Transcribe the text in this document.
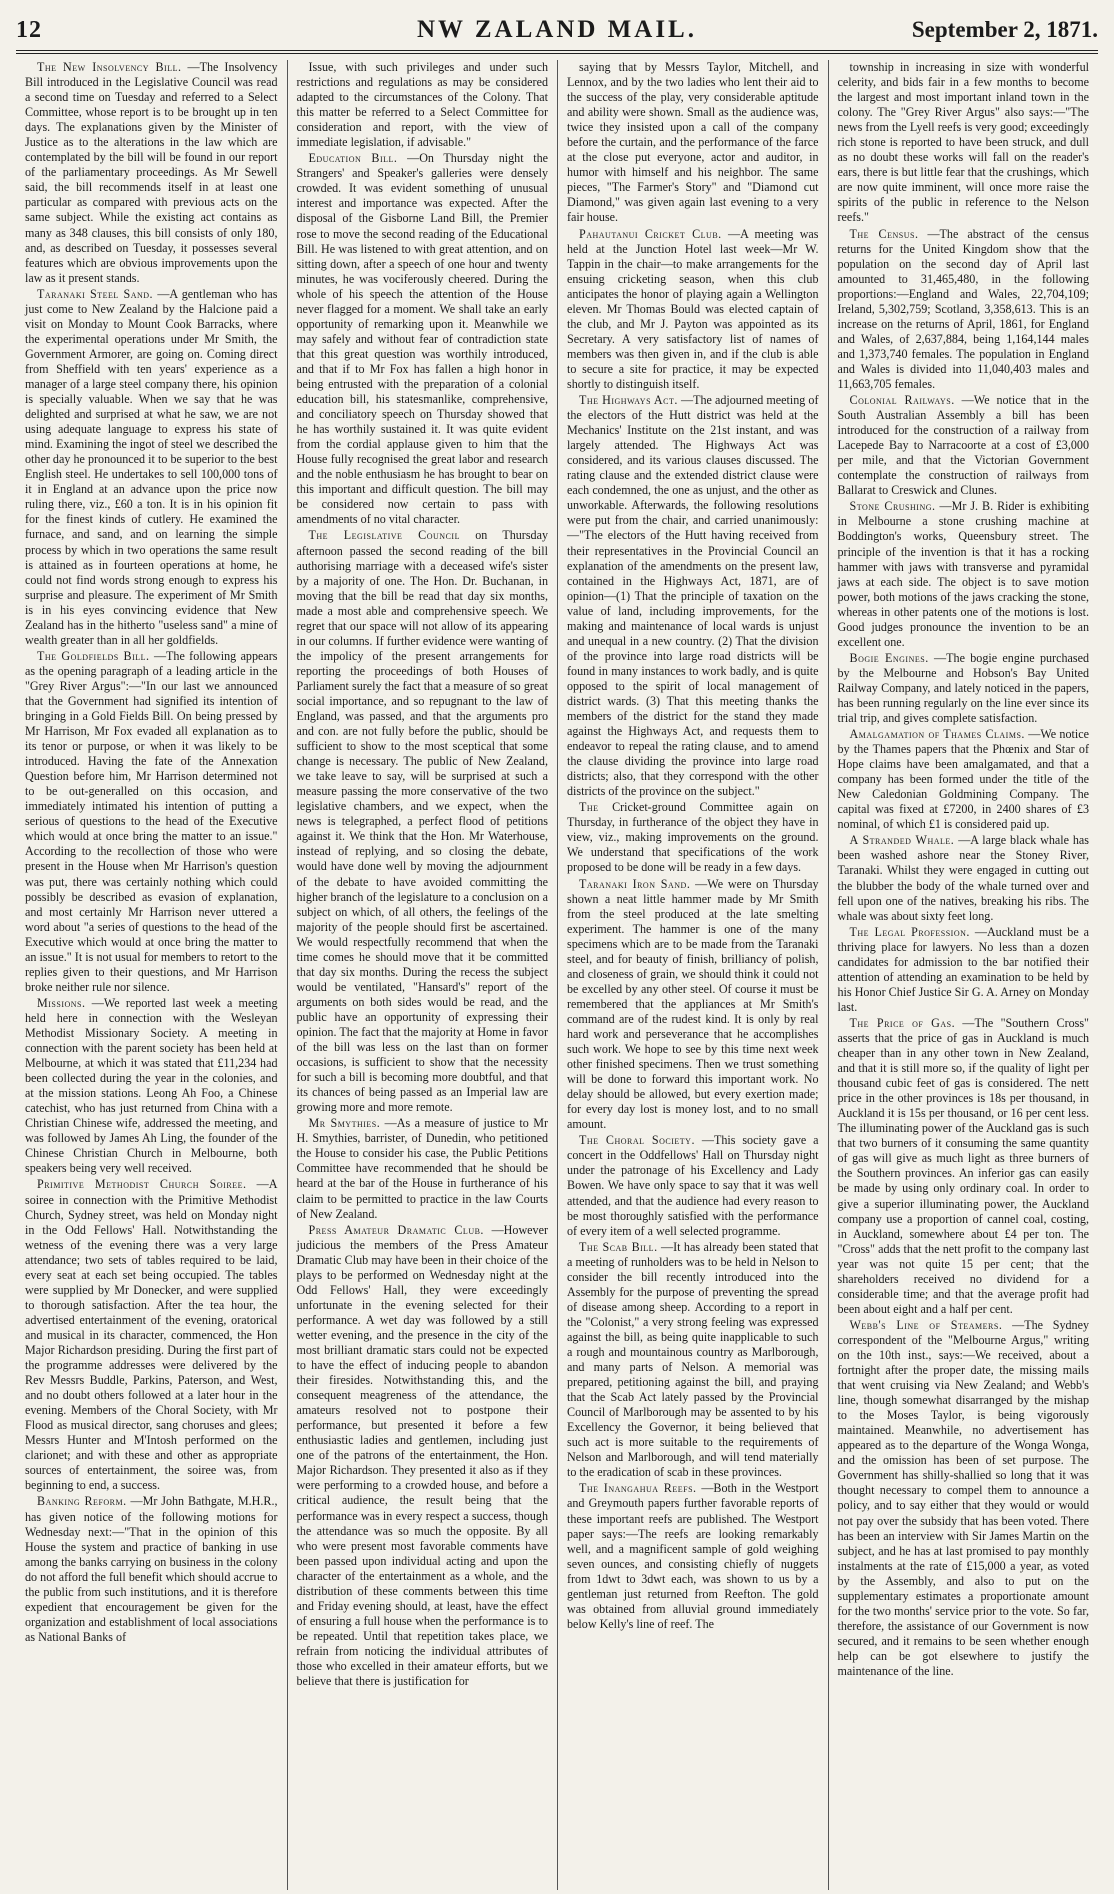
12	NW ZALAND MAIL.	September 2, 1871.

The New Insolvency Bill. —The Insolvency Bill introduced in the Legislative Council was read a second time on Tuesday and referred to a Select Committee, whose report is to be brought up in ten days. The explanations given by the Minister of Justice as to the alterations in the law which are contemplated by the bill will be found in our report of the parliamentary proceedings. As Mr Sewell said, the bill recommends itself in at least one particular as compared with previous acts on the same subject. While the existing act contains as many as 348 clauses, this bill consists of only 180, and, as described on Tuesday, it possesses several features which are obvious improvements upon the law as it present stands.

Taranaki Steel Sand. —A gentleman who has just come to New Zealand by the Halcione paid a visit on Monday to Mount Cook Barracks, where the experimental operations under Mr Smith, the Government Armorer, are going on. Coming direct from Sheffield with ten years' experience as a manager of a large steel company there, his opinion is specially valuable. When we say that he was delighted and surprised at what he saw, we are not using adequate language to express his state of mind. Examining the ingot of steel we described the other day he pronounced it to be superior to the best English steel. He undertakes to sell 100,000 tons of it in England at an advance upon the price now ruling there, viz., £60 a ton. It is in his opinion fit for the finest kinds of cutlery. He examined the furnace, and sand, and on learning the simple process by which in two operations the same result is attained as in fourteen operations at home, he could not find words strong enough to express his surprise and pleasure. The experiment of Mr Smith is in his eyes convincing evidence that New Zealand has in the hitherto "useless sand" a mine of wealth greater than in all her goldfields.

The Goldfields Bill. —The following appears as the opening paragraph of a leading article in the "Grey River Argus":—"In our last we announced that the Government had signified its intention of bringing in a Gold Fields Bill. On being pressed by Mr Harrison, Mr Fox evaded all explanation as to its tenor or purpose, or when it was likely to be introduced. Having the fate of the Annexation Question before him, Mr Harrison determined not to be out-generalled on this occasion, and immediately intimated his intention of putting a serious of questions to the head of the Executive which would at once bring the matter to an issue." According to the recollection of those who were present in the House when Mr Harrison's question was put, there was certainly nothing which could possibly be described as evasion of explanation, and most certainly Mr Harrison never uttered a word about "a series of questions to the head of the Executive which would at once bring the matter to an issue." It is not usual for members to retort to the replies given to their questions, and Mr Harrison broke neither rule nor silence.

Missions. —We reported last week a meeting held here in connection with the Wesleyan Methodist Missionary Society. A meeting in connection with the parent society has been held at Melbourne, at which it was stated that £11,234 had been collected during the year in the colonies, and at the mission stations. Leong Ah Foo, a Chinese catechist, who has just returned from China with a Christian Chinese wife, addressed the meeting, and was followed by James Ah Ling, the founder of the Chinese Christian Church in Melbourne, both speakers being very well received.

Primitive Methodist Church Soiree. —A soiree in connection with the Primitive Methodist Church, Sydney street, was held on Monday night in the Odd Fellows' Hall. Notwithstanding the wetness of the evening there was a very large attendance; two sets of tables required to be laid, every seat at each set being occupied. The tables were supplied by Mr Donecker, and were supplied to thorough satisfaction. After the tea hour, the advertised entertainment of the evening, oratorical and musical in its character, commenced, the Hon Major Richardson presiding. During the first part of the programme addresses were delivered by the Rev Messrs Buddle, Parkins, Paterson, and West, and no doubt others followed at a later hour in the evening. Members of the Choral Society, with Mr Flood as musical director, sang choruses and glees; Messrs Hunter and M'Intosh performed on the clarionet; and with these and other as appropriate sources of entertainment, the soiree was, from beginning to end, a success.

Banking Reform. —Mr John Bathgate, M.H.R., has given notice of the following motions for Wednesday next:—"That in the opinion of this House the system and practice of banking in use among the banks carrying on business in the colony do not afford the full benefit which should accrue to the public from such institutions, and it is therefore expedient that encouragement be given for the organization and establishment of local associations as National Banks of

Issue, with such privileges and under such restrictions and regulations as may be considered adapted to the circumstances of the Colony. That this matter be referred to a Select Committee for consideration and report, with the view of immediate legislation, if advisable."

Education Bill. —On Thursday night the Strangers' and Speaker's galleries were densely crowded. It was evident something of unusual interest and importance was expected. After the disposal of the Gisborne Land Bill, the Premier rose to move the second reading of the Educational Bill. He was listened to with great attention, and on sitting down, after a speech of one hour and twenty minutes, he was vociferously cheered. During the whole of his speech the attention of the House never flagged for a moment. We shall take an early opportunity of remarking upon it. Meanwhile we may safely and without fear of contradiction state that this great question was worthily introduced, and that if to Mr Fox has fallen a high honor in being entrusted with the preparation of a colonial education bill, his statesmanlike, comprehensive, and conciliatory speech on Thursday showed that he has worthily sustained it. It was quite evident from the cordial applause given to him that the House fully recognised the great labor and research and the noble enthusiasm he has brought to bear on this important and difficult question. The bill may be considered now certain to pass with amendments of no vital character.

The Legislative Council on Thursday afternoon passed the second reading of the bill authorising marriage with a deceased wife's sister by a majority of one. The Hon. Dr. Buchanan, in moving that the bill be read that day six months, made a most able and comprehensive speech. We regret that our space will not allow of its appearing in our columns. If further evidence were wanting of the impolicy of the present arrangements for reporting the proceedings of both Houses of Parliament surely the fact that a measure of so great social importance, and so repugnant to the law of England, was passed, and that the arguments pro and con. are not fully before the public, should be sufficient to show to the most sceptical that some change is necessary. The public of New Zealand, we take leave to say, will be surprised at such a measure passing the more conservative of the two legislative chambers, and we expect, when the news is telegraphed, a perfect flood of petitions against it. We think that the Hon. Mr Waterhouse, instead of replying, and so closing the debate, would have done well by moving the adjournment of the debate to have avoided committing the higher branch of the legislature to a conclusion on a subject on which, of all others, the feelings of the majority of the people should first be ascertained. We would respectfully recommend that when the time comes he should move that it be committed that day six months. During the recess the subject would be ventilated, "Hansard's" report of the arguments on both sides would be read, and the public have an opportunity of expressing their opinion. The fact that the majority at Home in favor of the bill was less on the last than on former occasions, is sufficient to show that the necessity for such a bill is becoming more doubtful, and that its chances of being passed as an Imperial law are growing more and more remote.

Mr Smythies. —As a measure of justice to Mr H. Smythies, barrister, of Dunedin, who petitioned the House to consider his case, the Public Petitions Committee have recommended that he should be heard at the bar of the House in furtherance of his claim to be permitted to practice in the law Courts of New Zealand.

Press Amateur Dramatic Club. —However judicious the members of the Press Amateur Dramatic Club may have been in their choice of the plays to be performed on Wednesday night at the Odd Fellows' Hall, they were exceedingly unfortunate in the evening selected for their performance. A wet day was followed by a still wetter evening, and the presence in the city of the most brilliant dramatic stars could not be expected to have the effect of inducing people to abandon their firesides. Notwithstanding this, and the consequent meagreness of the attendance, the amateurs resolved not to postpone their performance, but presented it before a few enthusiastic ladies and gentlemen, including just one of the patrons of the entertainment, the Hon. Major Richardson. They presented it also as if they were performing to a crowded house, and before a critical audience, the result being that the performance was in every respect a success, though the attendance was so much the opposite. By all who were present most favorable comments have been passed upon individual acting and upon the character of the entertainment as a whole, and the distribution of these comments between this time and Friday evening should, at least, have the effect of ensuring a full house when the performance is to be repeated. Until that repetition takes place, we refrain from noticing the individual attributes of those who excelled in their amateur efforts, but we believe that there is justification for

saying that by Messrs Taylor, Mitchell, and Lennox, and by the two ladies who lent their aid to the success of the play, very considerable aptitude and ability were shown. Small as the audience was, twice they insisted upon a call of the company before the curtain, and the performance of the farce at the close put everyone, actor and auditor, in humor with himself and his neighbor. The same pieces, "The Farmer's Story" and "Diamond cut Diamond," was given again last evening to a very fair house.

Pahautanui Cricket Club. —A meeting was held at the Junction Hotel last week—Mr W. Tappin in the chair—to make arrangements for the ensuing cricketing season, when this club anticipates the honor of playing again a Wellington eleven. Mr Thomas Bould was elected captain of the club, and Mr J. Payton was appointed as its Secretary. A very satisfactory list of names of members was then given in, and if the club is able to secure a site for practice, it may be expected shortly to distinguish itself.

The Highways Act. —The adjourned meeting of the electors of the Hutt district was held at the Mechanics' Institute on the 21st instant, and was largely attended. The Highways Act was considered, and its various clauses discussed. The rating clause and the extended district clause were each condemned, the one as unjust, and the other as unworkable. Afterwards, the following resolutions were put from the chair, and carried unanimously:—"The electors of the Hutt having received from their representatives in the Provincial Council an explanation of the amendments on the present law, contained in the Highways Act, 1871, are of opinion—(1) That the principle of taxation on the value of land, including improvements, for the making and maintenance of local wards is unjust and unequal in a new country. (2) That the division of the province into large road districts will be found in many instances to work badly, and is quite opposed to the spirit of local management of district wards. (3) That this meeting thanks the members of the district for the stand they made against the Highways Act, and requests them to endeavor to repeal the rating clause, and to amend the clause dividing the province into large road districts; also, that they correspond with the other districts of the province on the subject."

The Cricket-ground Committee again on Thursday, in furtherance of the object they have in view, viz., making improvements on the ground. We understand that specifications of the work proposed to be done will be ready in a few days.

Taranaki Iron Sand. —We were on Thursday shown a neat little hammer made by Mr Smith from the steel produced at the late smelting experiment. The hammer is one of the many specimens which are to be made from the Taranaki steel, and for beauty of finish, brilliancy of polish, and closeness of grain, we should think it could not be excelled by any other steel. Of course it must be remembered that the appliances at Mr Smith's command are of the rudest kind. It is only by real hard work and perseverance that he accomplishes such work. We hope to see by this time next week other finished specimens. Then we trust something will be done to forward this important work. No delay should be allowed, but every exertion made; for every day lost is money lost, and to no small amount.

The Choral Society. —This society gave a concert in the Oddfellows' Hall on Thursday night under the patronage of his Excellency and Lady Bowen. We have only space to say that it was well attended, and that the audience had every reason to be most thoroughly satisfied with the performance of every item of a well selected programme.

The Scab Bill. —It has already been stated that a meeting of runholders was to be held in Nelson to consider the bill recently introduced into the Assembly for the purpose of preventing the spread of disease among sheep. According to a report in the "Colonist," a very strong feeling was expressed against the bill, as being quite inapplicable to such a rough and mountainous country as Marlborough, and many parts of Nelson. A memorial was prepared, petitioning against the bill, and praying that the Scab Act lately passed by the Provincial Council of Marlborough may be assented to by his Excellency the Governor, it being believed that such act is more suitable to the requirements of Nelson and Marlborough, and will tend materially to the eradication of scab in these provinces.

The Inangahua Reefs. —Both in the Westport and Greymouth papers further favorable reports of these important reefs are published. The Westport paper says:—The reefs are looking remarkably well, and a magnificent sample of gold weighing seven ounces, and consisting chiefly of nuggets from 1dwt to 3dwt each, was shown to us by a gentleman just returned from Reefton. The gold was obtained from alluvial ground immediately below Kelly's line of reef. The

township in increasing in size with wonderful celerity, and bids fair in a few months to become the largest and most important inland town in the colony. The "Grey River Argus" also says:—"The news from the Lyell reefs is very good; exceedingly rich stone is reported to have been struck, and dull as no doubt these works will fall on the reader's ears, there is but little fear that the crushings, which are now quite imminent, will once more raise the spirits of the public in reference to the Nelson reefs."

The Census. —The abstract of the census returns for the United Kingdom show that the population on the second day of April last amounted to 31,465,480, in the following proportions:—England and Wales, 22,704,109; Ireland, 5,302,759; Scotland, 3,358,613. This is an increase on the returns of April, 1861, for England and Wales, of 2,637,884, being 1,164,144 males and 1,373,740 females. The population in England and Wales is divided into 11,040,403 males and 11,663,705 females.

Colonial Railways. —We notice that in the South Australian Assembly a bill has been introduced for the construction of a railway from Lacepede Bay to Narracoorte at a cost of £3,000 per mile, and that the Victorian Government contemplate the construction of railways from Ballarat to Creswick and Clunes.

Stone Crushing. —Mr J. B. Rider is exhibiting in Melbourne a stone crushing machine at Boddington's works, Queensbury street. The principle of the invention is that it has a rocking hammer with jaws with transverse and pyramidal jaws at each side. The object is to save motion power, both motions of the jaws cracking the stone, whereas in other patents one of the motions is lost. Good judges pronounce the invention to be an excellent one.

Bogie Engines. —The bogie engine purchased by the Melbourne and Hobson's Bay United Railway Company, and lately noticed in the papers, has been running regularly on the line ever since its trial trip, and gives complete satisfaction.

Amalgamation of Thames Claims. —We notice by the Thames papers that the Phœnix and Star of Hope claims have been amalgamated, and that a company has been formed under the title of the New Caledonian Goldmining Company. The capital was fixed at £7200, in 2400 shares of £3 nominal, of which £1 is considered paid up.

A Stranded Whale. —A large black whale has been washed ashore near the Stoney River, Taranaki. Whilst they were engaged in cutting out the blubber the body of the whale turned over and fell upon one of the natives, breaking his ribs. The whale was about sixty feet long.

The Legal Profession. —Auckland must be a thriving place for lawyers. No less than a dozen candidates for admission to the bar notified their attention of attending an examination to be held by his Honor Chief Justice Sir G. A. Arney on Monday last.

The Price of Gas. —The "Southern Cross" asserts that the price of gas in Auckland is much cheaper than in any other town in New Zealand, and that it is still more so, if the quality of light per thousand cubic feet of gas is considered. The nett price in the other provinces is 18s per thousand, in Auckland it is 15s per thousand, or 16 per cent less. The illuminating power of the Auckland gas is such that two burners of it consuming the same quantity of gas will give as much light as three burners of the Southern provinces. An inferior gas can easily be made by using only ordinary coal. In order to give a superior illuminating power, the Auckland company use a proportion of cannel coal, costing, in Auckland, somewhere about £4 per ton. The "Cross" adds that the nett profit to the company last year was not quite 15 per cent; that the shareholders received no dividend for a considerable time; and that the average profit had been about eight and a half per cent.

Webb's Line of Steamers. —The Sydney correspondent of the "Melbourne Argus," writing on the 10th inst., says:—We received, about a fortnight after the proper date, the missing mails that went cruising via New Zealand; and Webb's line, though somewhat disarranged by the mishap to the Moses Taylor, is being vigorously maintained. Meanwhile, no advertisement has appeared as to the departure of the Wonga Wonga, and the omission has been of set purpose. The Government has shilly-shallied so long that it was thought necessary to compel them to announce a policy, and to say either that they would or would not pay over the subsidy that has been voted. There has been an interview with Sir James Martin on the subject, and he has at last promised to pay monthly instalments at the rate of £15,000 a year, as voted by the Assembly, and also to put on the supplementary estimates a proportionate amount for the two months' service prior to the vote. So far, therefore, the assistance of our Government is now secured, and it remains to be seen whether enough help can be got elsewhere to justify the maintenance of the line.
